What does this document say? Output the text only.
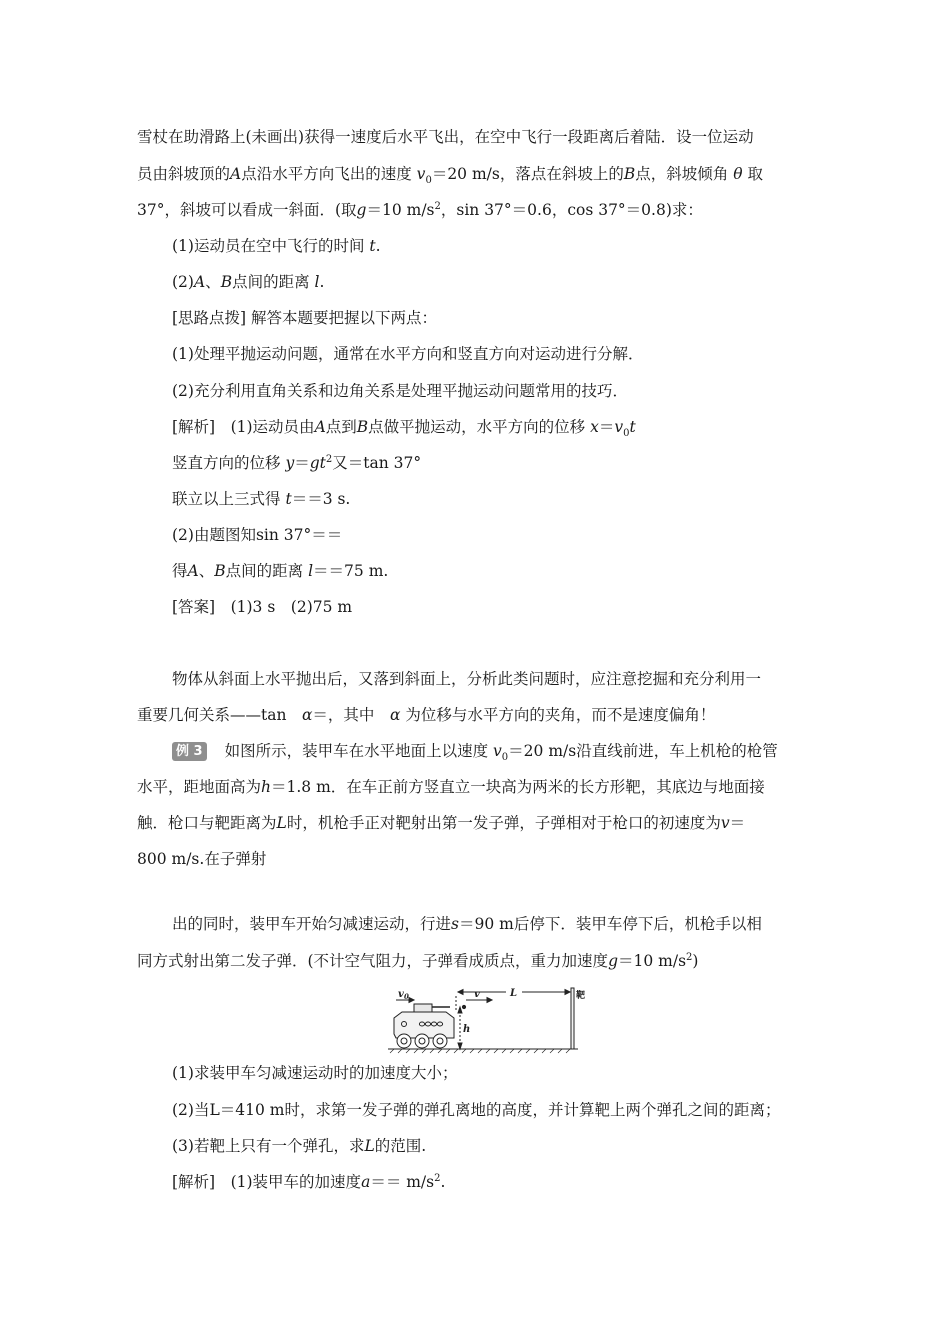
雪杖在助滑路上(未画出)获得一速度后水平飞出，在空中飞行一段距离后着陆．设一位运动
员由斜坡顶的A点沿水平方向飞出的速度 $v_0=20$ m/s，落点在斜坡上的B点，斜坡倾角 θ 取
37°，斜坡可以看成一斜面．(取g＝10 $m/s^2$，sin 37°＝0.6，cos 37°＝0.8)求：
(1)运动员在空中飞行的时间 t.
(2)A、B点间的距离 l.
[思路点拨] 解答本题要把握以下两点：
(1)处理平抛运动问题，通常在水平方向和竖直方向对运动进行分解．
(2)充分利用直角关系和边角关系是处理平抛运动问题常用的技巧．
[解析]　(1)运动员由A点到B点做平抛运动，水平方向的位移 $x=v_0t$
竖直方向的位移 $y=gt^2$又＝tan 37°
联立以上三式得 t＝＝3 s.
(2)由题图知sin 37°＝＝
得A、B点间的距离 l＝＝75 m.
[答案]　(1)3 s　(2)75 m
物体从斜面上水平抛出后，又落到斜面上，分析此类问题时，应注意挖掘和充分利用一
重要几何关系——tan　α＝，其中　 α 为位移与水平方向的夹角，而不是速度偏角！
例 3 如图所示，装甲车在水平地面上以速度 $v_0=20$ m/s沿直线前进，车上机枪的枪管
水平，距地面高为h＝1.8 m．在车正前方竖直立一块高为两米的长方形靶，其底边与地面接
触．枪口与靶距离为L时，机枪手正对靶射出第一发子弹，子弹相对于枪口的初速度为v＝
800 m/s.在子弹射
出的同时，装甲车开始匀减速运动，行进s＝90 m后停下．装甲车停下后，机枪手以相
同方式射出第二发子弹．(不计空气阻力，子弹看成质点，重力加速度g＝10 $m/s^2$)
v 0	v	L
h
靶
(1)求装甲车匀减速运动时的加速度大小；
(2)当L＝410 m时，求第一发子弹的弹孔离地的高度，并计算靶上两个弹孔之间的距离；
(3)若靶上只有一个弹孔，求L的范围.
[解析]　(1)装甲车的加速度$a== m/s^2$.
